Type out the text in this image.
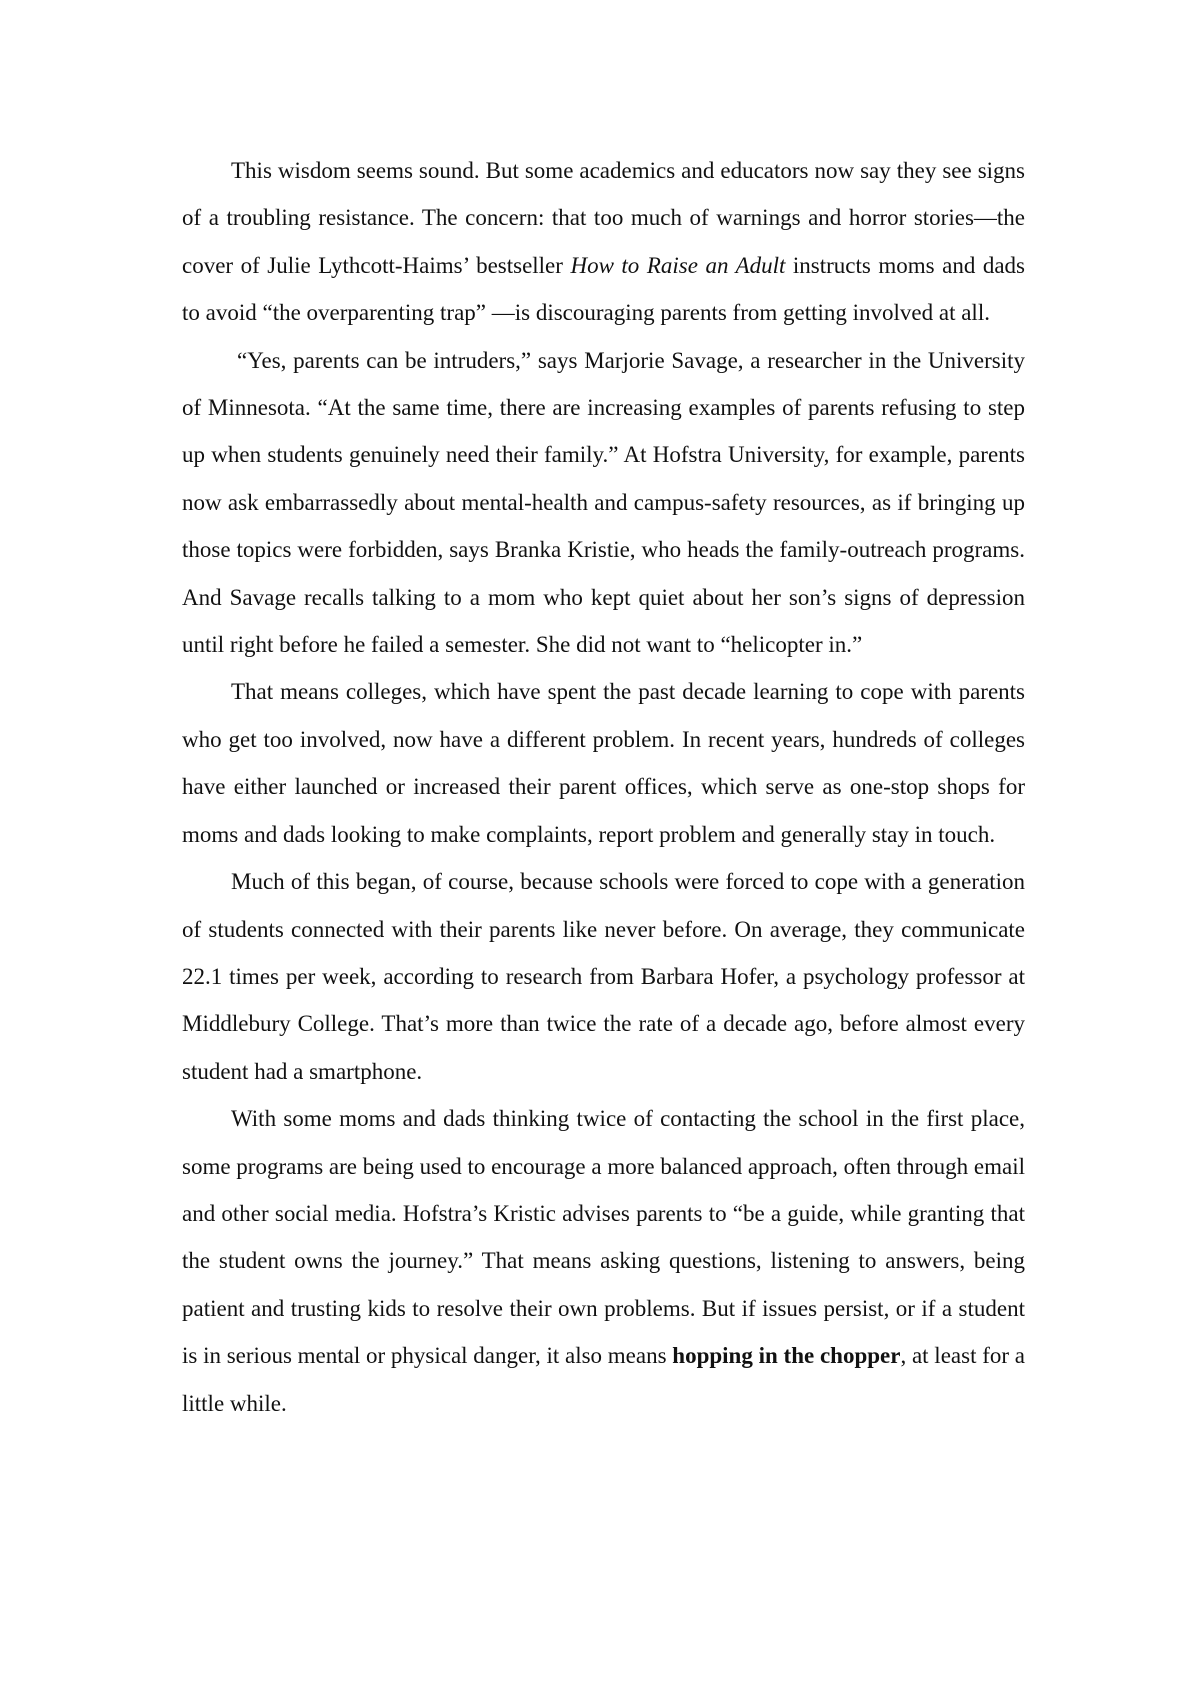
This wisdom seems sound. But some academics and educators now say they see signs of a troubling resistance. The concern: that too much of warnings and horror stories—the cover of Julie Lythcott-Haims’ bestseller How to Raise an Adult instructs moms and dads to avoid “the overparenting trap” —is discouraging parents from getting involved at all.

“Yes, parents can be intruders,” says Marjorie Savage, a researcher in the University of Minnesota. “At the same time, there are increasing examples of parents refusing to step up when students genuinely need their family.” At Hofstra University, for example, parents now ask embarrassedly about mental-health and campus-safety resources, as if bringing up those topics were forbidden, says Branka Kristie, who heads the family-outreach programs. And Savage recalls talking to a mom who kept quiet about her son’s signs of depression until right before he failed a semester. She did not want to “helicopter in.”

That means colleges, which have spent the past decade learning to cope with parents who get too involved, now have a different problem. In recent years, hundreds of colleges have either launched or increased their parent offices, which serve as one-stop shops for moms and dads looking to make complaints, report problem and generally stay in touch.

Much of this began, of course, because schools were forced to cope with a generation of students connected with their parents like never before. On average, they communicate 22.1 times per week, according to research from Barbara Hofer, a psychology professor at Middlebury College. That’s more than twice the rate of a decade ago, before almost every student had a smartphone.

With some moms and dads thinking twice of contacting the school in the first place, some programs are being used to encourage a more balanced approach, often through email and other social media. Hofstra’s Kristic advises parents to “be a guide, while granting that the student owns the journey.” That means asking questions, listening to answers, being patient and trusting kids to resolve their own problems. But if issues persist, or if a student is in serious mental or physical danger, it also means hopping in the chopper, at least for a little while.
